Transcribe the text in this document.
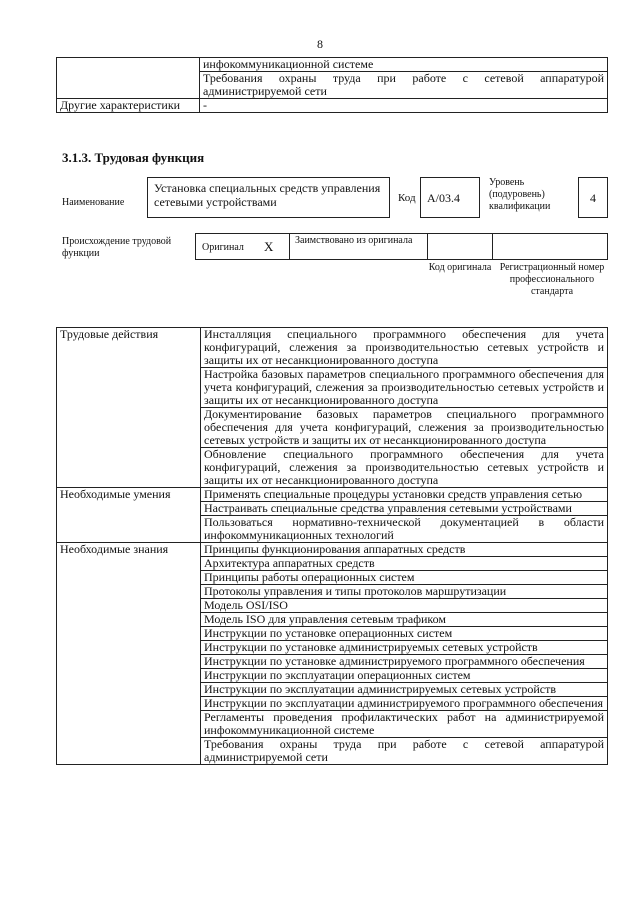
8
	инфокоммуникационной системе
	Требования охраны труда при работе с сетевой аппаратурой администрируемой сети
Другие характеристики	-
3.1.3. Трудовая функция
Наименование
Установка специальных средств управления сетевыми устройствами	Код A/03.4
Уровень (подуровень) квалификации
4
Происхождение трудовой функции
Оригинал X Заимствовано из оригинала
Код оригинала Регистрационный номер профессионального стандарта
Трудовые действия	Инсталляция специального программного обеспечения для учета конфигураций, слежения за производительностью сетевых устройств и защиты их от несанкционированного доступа
	Настройка базовых параметров специального программного обеспечения для учета конфигураций, слежения за производительностью сетевых устройств и защиты их от несанкционированного доступа
	Документирование базовых параметров специального программного обеспечения для учета конфигураций, слежения за производительностью сетевых устройств и защиты их от несанкционированного доступа
	Обновление специального программного обеспечения для учета конфигураций, слежения за производительностью сетевых устройств и защиты их от несанкционированного доступа
Необходимые умения	Применять специальные процедуры установки средств управления сетью
	Настраивать специальные средства управления сетевыми устройствами
	Пользоваться нормативно-технической документацией в области инфокоммуникационных технологий
Необходимые знания	Принципы функционирования аппаратных средств
	Архитектура аппаратных средств
	Принципы работы операционных систем
	Протоколы управления и типы протоколов маршрутизации
	Модель OSI/ISO
	Модель ISO для управления сетевым трафиком
	Инструкции по установке операционных систем
	Инструкции по установке администрируемых сетевых устройств
	Инструкции по установке администрируемого программного обеспечения
	Инструкции по эксплуатации операционных систем
	Инструкции по эксплуатации администрируемых сетевых устройств
	Инструкции по эксплуатации администрируемого программного обеспечения
	Регламенты проведения профилактических работ на администрируемой инфокоммуникационной системе
	Требования охраны труда при работе с сетевой аппаратурой администрируемой сети
